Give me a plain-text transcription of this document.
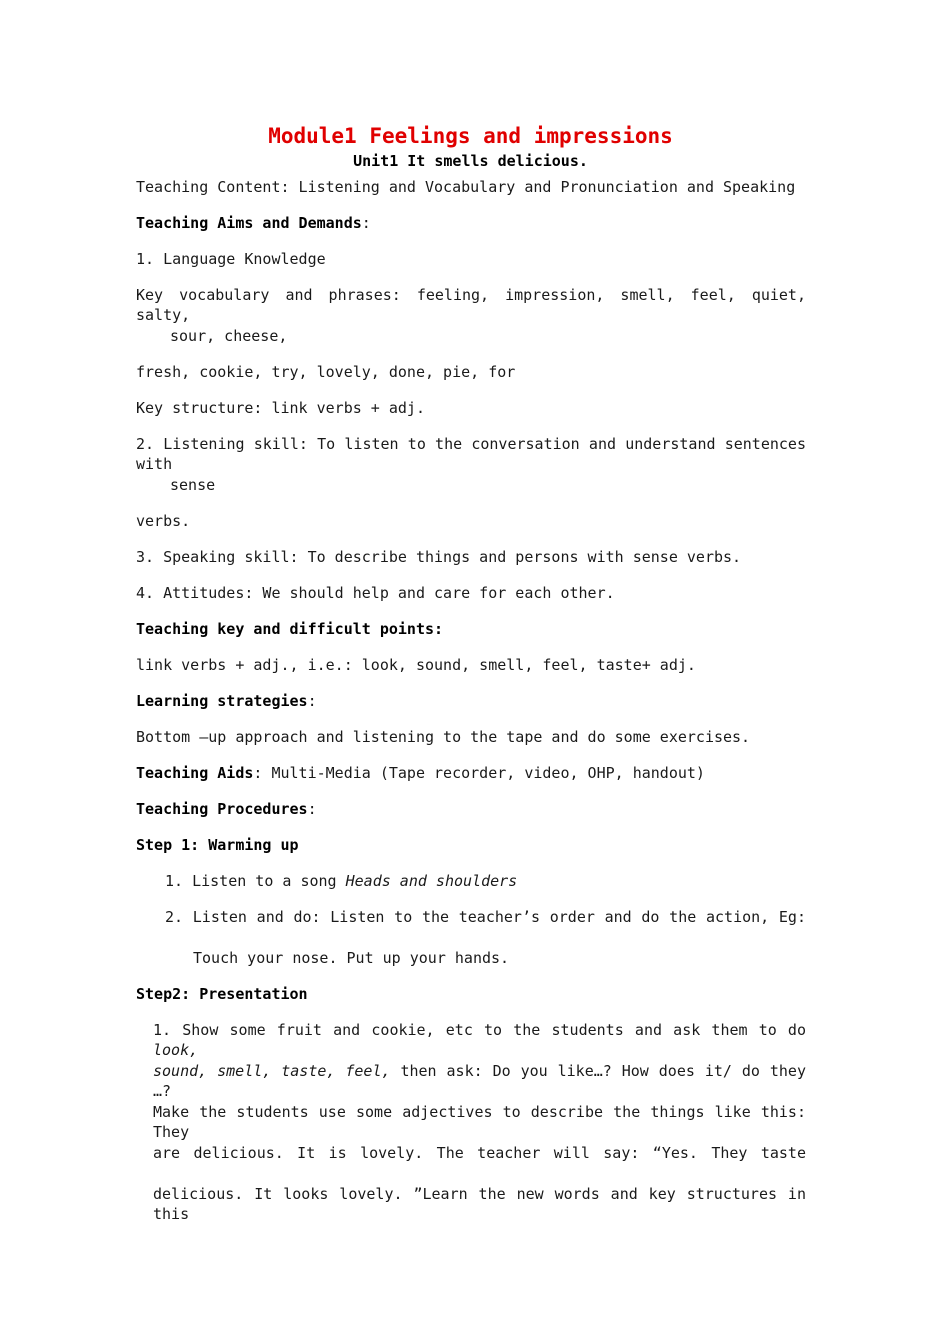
Module1 Feelings and impressions
Unit1 It smells delicious.
Teaching Content: Listening and Vocabulary and Pronunciation and Speaking
Teaching Aims and Demands:
1. Language Knowledge
Key vocabulary and phrases: feeling, impression, smell, feel, quiet, salty,
sour, cheese,
fresh, cookie, try, lovely, done, pie, for
Key structure: link verbs + adj.
2. Listening skill: To listen to the conversation and understand sentences with
sense
verbs.
3. Speaking skill: To describe things and persons with sense verbs.
4. Attitudes: We should help and care for each other.
Teaching key and difficult points:
link verbs + adj., i.e.: look, sound, smell, feel, taste+ adj.
Learning strategies:
Bottom –up approach and listening to the tape and do some exercises.
Teaching Aids: Multi-Media (Tape recorder, video, OHP, handout)
Teaching Procedures:
Step 1: Warming up
1. Listen to a song Heads and shoulders
2. Listen and do: Listen to the teacher’s order and do the action, Eg:
Touch your nose. Put up your hands.
Step2: Presentation
1. Show some fruit and cookie, etc to the students and ask them to do look,
sound, smell, taste, feel, then ask: Do you like…? How does it/ do they …?
Make the students use some adjectives to describe the things like this: They
are delicious. It is lovely. The teacher will say: “Yes. They taste
delicious. It looks lovely. ”Learn the new words and key structures in this
